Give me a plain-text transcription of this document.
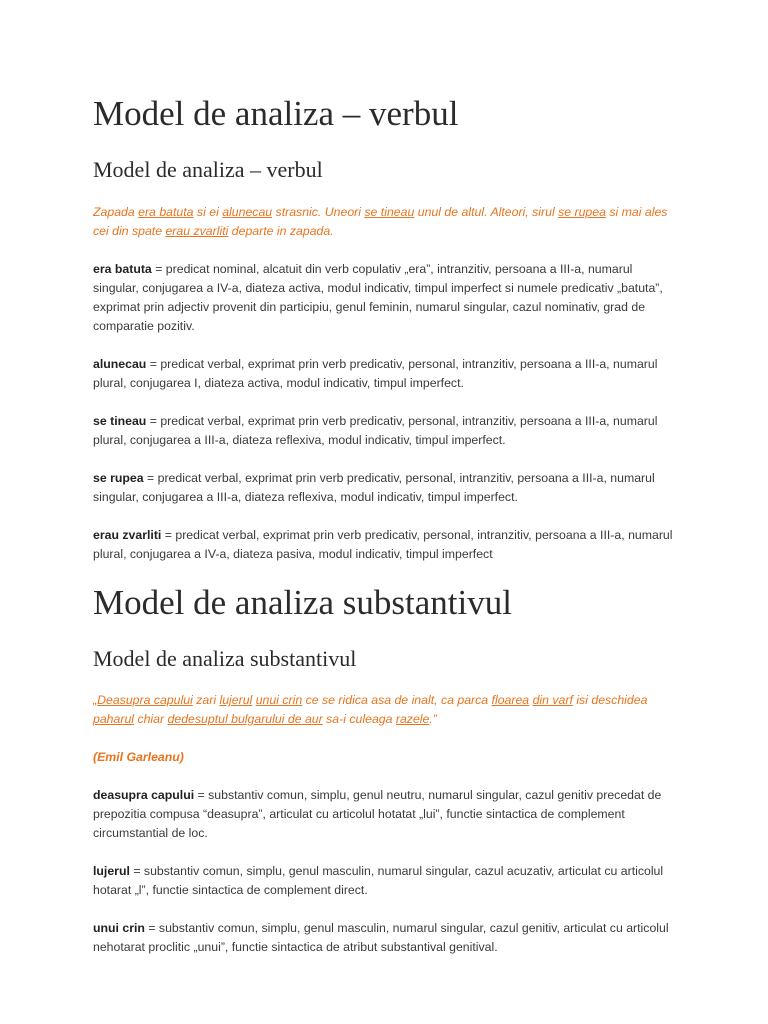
Model de analiza – verbul
Model de analiza – verbul

Zapada era batuta si ei alunecau strasnic. Uneori se tineau unul de altul. Alteori, sirul se rupea si mai ales cei din spate erau zvarliti departe in zapada.

era batuta = predicat nominal, alcatuit din verb copulativ „era”, intranzitiv, persoana a III-a, numarul singular, conjugarea a IV-a, diateza activa, modul indicativ, timpul imperfect si numele predicativ „batuta”, exprimat prin adjectiv provenit din participiu, genul feminin, numarul singular, cazul nominativ, grad de comparatie pozitiv.

alunecau = predicat verbal, exprimat prin verb predicativ, personal, intranzitiv, persoana a III-a, numarul plural, conjugarea I, diateza activa, modul indicativ, timpul imperfect.

se tineau = predicat verbal, exprimat prin verb predicativ, personal, intranzitiv, persoana a III-a, numarul plural, conjugarea a III-a, diateza reflexiva, modul indicativ, timpul imperfect.

se rupea = predicat verbal, exprimat prin verb predicativ, personal, intranzitiv, persoana a III-a, numarul singular, conjugarea a III-a, diateza reflexiva, modul indicativ, timpul imperfect.

erau zvarliti = predicat verbal, exprimat prin verb predicativ, personal, intranzitiv, persoana a III-a, numarul plural, conjugarea a IV-a, diateza pasiva, modul indicativ, timpul imperfect

Model de analiza substantivul
Model de analiza substantivul

„Deasupra capului zari lujerul unui crin ce se ridica asa de inalt, ca parca floarea din varf isi deschidea paharul chiar dedesuptul bulgarului de aur sa-i culeaga razele.”

(Emil Garleanu)

deasupra capului = substantiv comun, simplu, genul neutru, numarul singular, cazul genitiv precedat de prepozitia compusa “deasupra”, articulat cu articolul hotatat „lui”, functie sintactica de complement circumstantial de loc.

lujerul = substantiv comun, simplu, genul masculin, numarul singular, cazul acuzativ, articulat cu articolul hotarat „l”, functie sintactica de complement direct.

unui crin = substantiv comun, simplu, genul masculin, numarul singular, cazul genitiv, articulat cu articolul nehotarat proclitic „unui”, functie sintactica de atribut substantival genitival.
